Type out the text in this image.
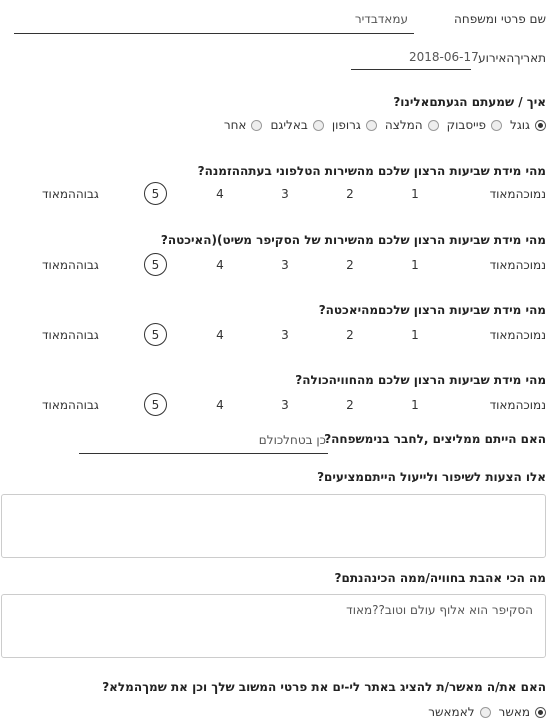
שם פרטי ומשפחה
עמאדבדיר
תאריךהאירוע
2018-06-17
איך / שמעתם הגעתםאלינו?
גוגל
פייסבוק
המלצה
גרופון
באליגם
אחר
מהי מידת שביעות הרצון שלכם מהשירות הטלפוני בעתההזמנה?
נמוכהמאוד
1
2
3
4
5
גבוההמאוד
מהי מידת שביעות הרצון שלכם מהשירות של הסקיפר משיט)(האיכטה?
נמוכהמאוד
1
2
3
4
5
גבוההמאוד
מהי מידת שביעות הרצון שלכםמהיאכטה?
נמוכהמאוד
1
2
3
4
5
גבוההמאוד
מהי מידת שביעות הרצון שלכם מהחוויהכולה?
נמוכהמאוד
1
2
3
4
5
גבוההמאוד
האם הייתם ממליצים ,לחבר בנימשפחה?
כן בטחלכולם
אלו הצעות לשיפור ולייעול הייתםמציעים?
מה הכי אהבת בחוויה/ממה הכינהנתם?
הסקיפר הוא אלוף עולם וטוב??מאוד
האם את/ה מאשר/ת להציג באתר לי-ים את פרטי המשוב שלך וכן את שמךהמלא?
מאשר
לאמאשר
